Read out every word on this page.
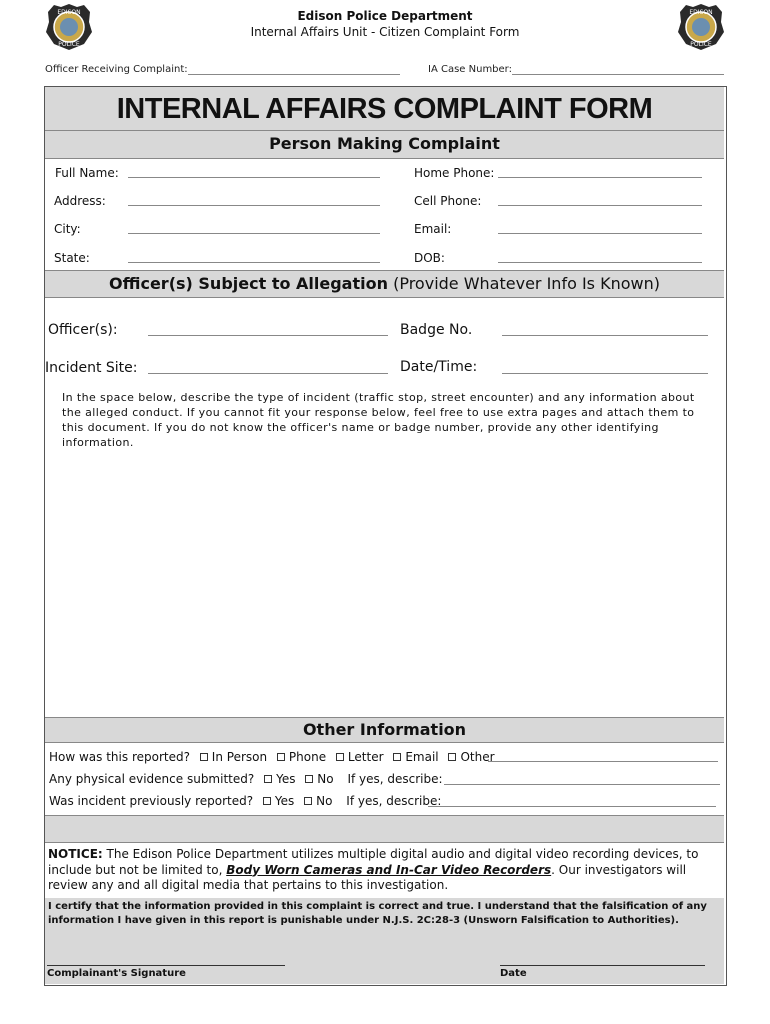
EDISON
POLICE
EDISON
POLICE
Edison Police Department
Internal Affairs Unit - Citizen Complaint Form
Officer Receiving Complaint:	IA Case Number:
INTERNAL AFFAIRS COMPLAINT FORM
Person Making Complaint
Full Name:	Home Phone:
Address:	Cell Phone:
City:	Email:
State:	DOB:
Officer(s) Subject to Allegation (Provide Whatever Info Is Known)
Officer(s):	Badge No.
Incident Site:	Date/Time:
In the space below, describe the type of incident (traffic stop, street encounter) and any information about the alleged conduct. If you cannot fit your response below, feel free to use extra pages and attach them to this document. If you do not know the officer's name or badge number, provide any other identifying information.
Other Information
How was this reported? In Person Phone Letter Email Other
Any physical evidence submitted? Yes No If yes, describe:
Was incident previously reported? Yes No If yes, describe:
NOTICE: The Edison Police Department utilizes multiple digital audio and digital video recording devices, to include but not be limited to, Body Worn Cameras and In-Car Video Recorders. Our investigators will review any and all digital media that pertains to this investigation.
I certify that the information provided in this complaint is correct and true. I understand that the falsification of any information I have given in this report is punishable under N.J.S. 2C:28-3 (Unsworn Falsification to Authorities).
Complainant's Signature	Date
